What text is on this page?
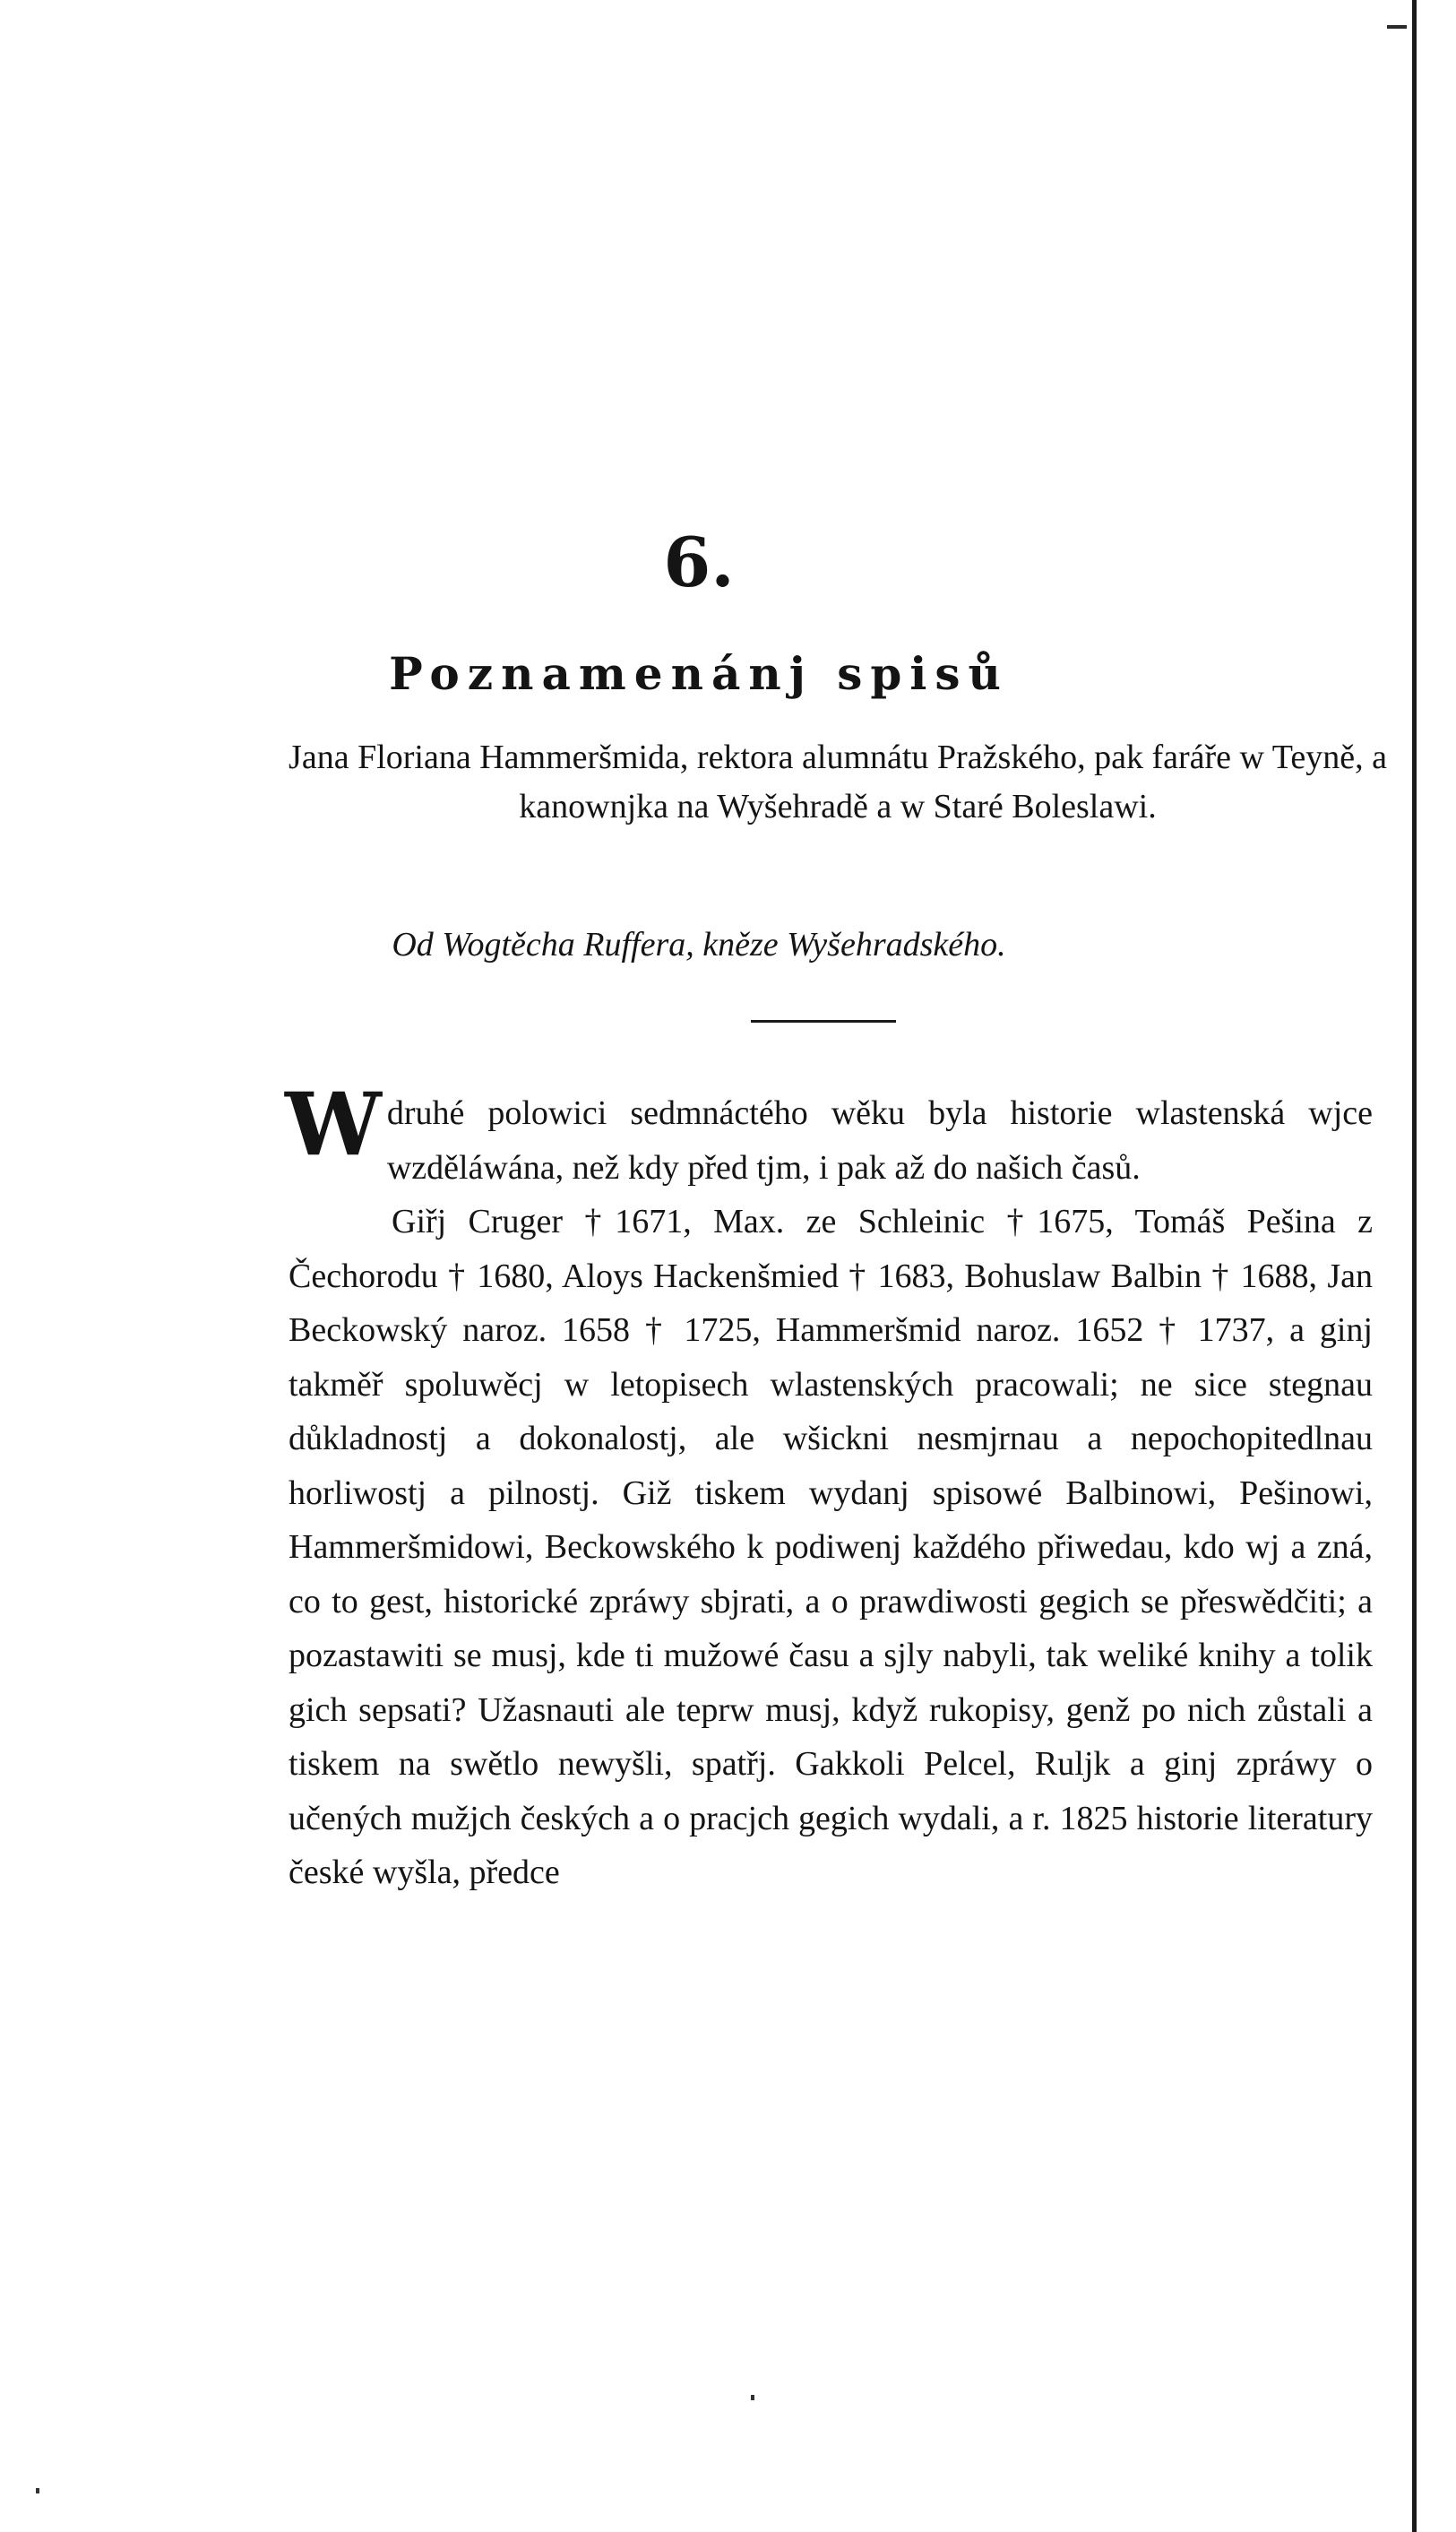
6.
Poznamenánj spisů
Jana Floriana Hammeršmida, rektora alumnátu Pražského, pak faráře w Teyně, a kanownjka na Wyšehradě a w Staré Boleslawi.
Od Wogtěcha Ruffera, kněze Wyšehradského.

Wdruhé polowici sedmnáctého wěku byla historie wlastenská wjce wzděláwána, než kdy před tjm, i pak až do našich časů.

Giřj Cruger †1671, Max. ze Schleinic †1675, Tomáš Pešina z Čechorodu † 1680, Aloys Hackenšmied † 1683, Bohuslaw Balbin † 1688, Jan Beckowský naroz. 1658 † 1725, Hammeršmid naroz. 1652 † 1737, a ginj takměř spoluwěcj w letopisech wlastenských pracowali; ne sice stegnau důkladnostj a dokonalostj, ale wšickni nesmjrnau a nepochopitedlnau horliwostj a pilnostj. Giž tiskem wydanj spisowé Balbinowi, Pešinowi, Hammeršmidowi, Beckowského k podiwenj každého přiwedau, kdo wj a zná, co to gest, historické zpráwy sbjrati, a o prawdiwosti gegich se přeswědčiti; a pozastawiti se musj, kde ti mužowé času a sjly nabyli, tak weliké knihy a tolik gich sepsati? Užasnauti ale teprw musj, když rukopisy, genž po nich zůstali a tiskem na swětlo newyšli, spatřj. Gakkoli Pelcel, Ruljk a ginj zpráwy o učených mužjch českých a o pracjch gegich wydali, a r. 1825 historie literatury české wyšla, předce
